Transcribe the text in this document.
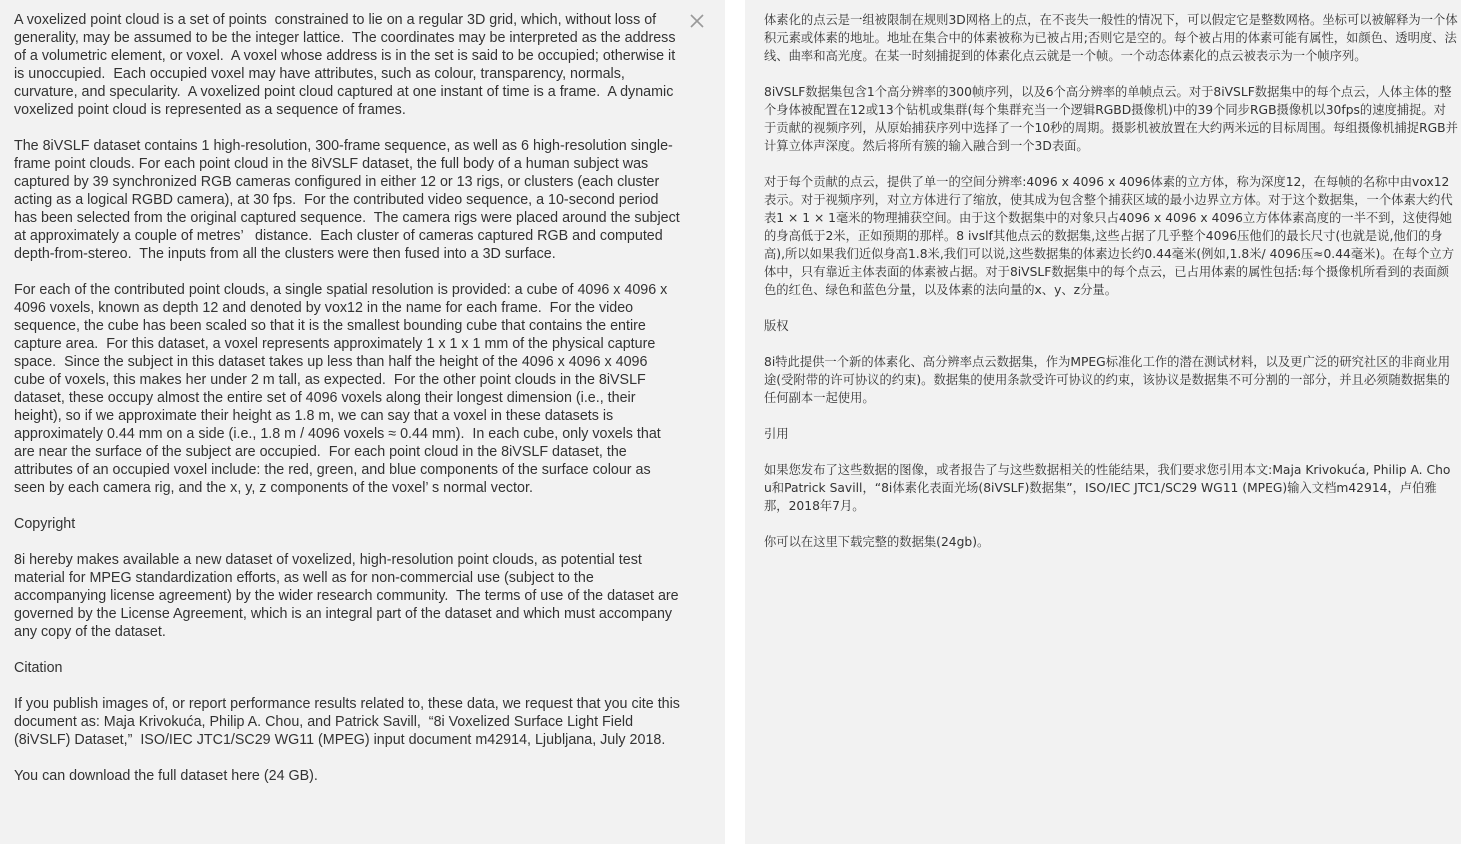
A voxelized point cloud is a set of points  constrained to lie on a regular 3D grid, which, without loss of generality, may be assumed to be the integer lattice.  The coordinates may be interpreted as the address of a volumetric element, or voxel.  A voxel whose address is in the set is said to be occupied; otherwise it is unoccupied.  Each occupied voxel may have attributes, such as colour, transparency, normals, curvature, and specularity.  A voxelized point cloud captured at one instant of time is a frame.  A dynamic voxelized point cloud is represented as a sequence of frames.

The 8iVSLF dataset contains 1 high-resolution, 300-frame sequence, as well as 6 high-resolution single-frame point clouds. For each point cloud in the 8iVSLF dataset, the full body of a human subject was captured by 39 synchronized RGB cameras configured in either 12 or 13 rigs, or clusters (each cluster acting as a logical RGBD camera), at 30 fps.  For the contributed video sequence, a 10-second period has been selected from the original captured sequence.  The camera rigs were placed around the subject at approximately a couple of metres’   distance.  Each cluster of cameras captured RGB and computed depth-from-stereo.  The inputs from all the clusters were then fused into a 3D surface.

For each of the contributed point clouds, a single spatial resolution is provided: a cube of 4096 x 4096 x 4096 voxels, known as depth 12 and denoted by vox12 in the name for each frame.  For the video sequence, the cube has been scaled so that it is the smallest bounding cube that contains the entire capture area.  For this dataset, a voxel represents approximately 1 x 1 x 1 mm of the physical capture space.  Since the subject in this dataset takes up less than half the height of the 4096 x 4096 x 4096 cube of voxels, this makes her under 2 m tall, as expected.  For the other point clouds in the 8iVSLF dataset, these occupy almost the entire set of 4096 voxels along their longest dimension (i.e., their height), so if we approximate their height as 1.8 m, we can say that a voxel in these datasets is approximately 0.44 mm on a side (i.e., 1.8 m / 4096 voxels ≈ 0.44 mm).  In each cube, only voxels that are near the surface of the subject are occupied.  For each point cloud in the 8iVSLF dataset, the attributes of an occupied voxel include: the red, green, and blue components of the surface colour as seen by each camera rig, and the x, y, z components of the voxel’ s normal vector.

Copyright

8i hereby makes available a new dataset of voxelized, high-resolution point clouds, as potential test material for MPEG standardization efforts, as well as for non-commercial use (subject to the accompanying license agreement) by the wider research community.  The terms of use of the dataset are governed by the License Agreement, which is an integral part of the dataset and which must accompany any copy of the dataset.

Citation

If you publish images of, or report performance results related to, these data, we request that you cite this document as: Maja Krivokuća, Philip A. Chou, and Patrick Savill,  “8i Voxelized Surface Light Field (8iVSLF) Dataset,”  ISO/IEC JTC1/SC29 WG11 (MPEG) input document m42914, Ljubljana, July 2018.

You can download the full dataset here (24 GB).

体素化的点云是一组被限制在规则3D网格上的点，在不丧失一般性的情况下，可以假定它是整数网格。坐标可以被解释为一个体积元素或体素的地址。地址在集合中的体素被称为已被占用;否则它是空的。每个被占用的体素可能有属性，如颜色、透明度、法线、曲率和高光度。在某一时刻捕捉到的体素化点云就是一个帧。一个动态体素化的点云被表示为一个帧序列。

8iVSLF数据集包含1个高分辨率的300帧序列，以及6个高分辨率的单帧点云。对于8iVSLF数据集中的每个点云，人体主体的整个身体被配置在12或13个钻机或集群(每个集群充当一个逻辑RGBD摄像机)中的39个同步RGB摄像机以30fps的速度捕捉。对于贡献的视频序列，从原始捕获序列中选择了一个10秒的周期。摄影机被放置在大约两米远的目标周围。每组摄像机捕捉RGB并计算立体声深度。然后将所有簇的输入融合到一个3D表面。

对于每个贡献的点云，提供了单一的空间分辨率:4096 x 4096 x 4096体素的立方体，称为深度12，在每帧的名称中由vox12表示。对于视频序列，对立方体进行了缩放，使其成为包含整个捕获区域的最小边界立方体。对于这个数据集，一个体素大约代表1 × 1 × 1毫米的物理捕获空间。由于这个数据集中的对象只占4096 x 4096 x 4096立方体体素高度的一半不到，这使得她的身高低于2米，正如预期的那样。8 ivslf其他点云的数据集,这些占据了几乎整个4096压他们的最长尺寸(也就是说,他们的身高),所以如果我们近似身高1.8米,我们可以说,这些数据集的体素边长约0.44毫米(例如,1.8米/ 4096压≈0.44毫米)。在每个立方体中，只有靠近主体表面的体素被占据。对于8iVSLF数据集中的每个点云，已占用体素的属性包括:每个摄像机所看到的表面颜色的红色、绿色和蓝色分量，以及体素的法向量的x、y、z分量。

版权

8i特此提供一个新的体素化、高分辨率点云数据集，作为MPEG标准化工作的潜在测试材料，以及更广泛的研究社区的非商业用途(受附带的许可协议的约束)。数据集的使用条款受许可协议的约束，该协议是数据集不可分割的一部分，并且必须随数据集的任何副本一起使用。

引用

如果您发布了这些数据的图像，或者报告了与这些数据相关的性能结果，我们要求您引用本文:Maja Krivokuća, Philip A. Chou和Patrick Savill，“8i体素化表面光场(8iVSLF)数据集”，ISO/IEC JTC1/SC29 WG11 (MPEG)输入文档m42914，卢伯雅那，2018年7月。

你可以在这里下载完整的数据集(24gb)。
